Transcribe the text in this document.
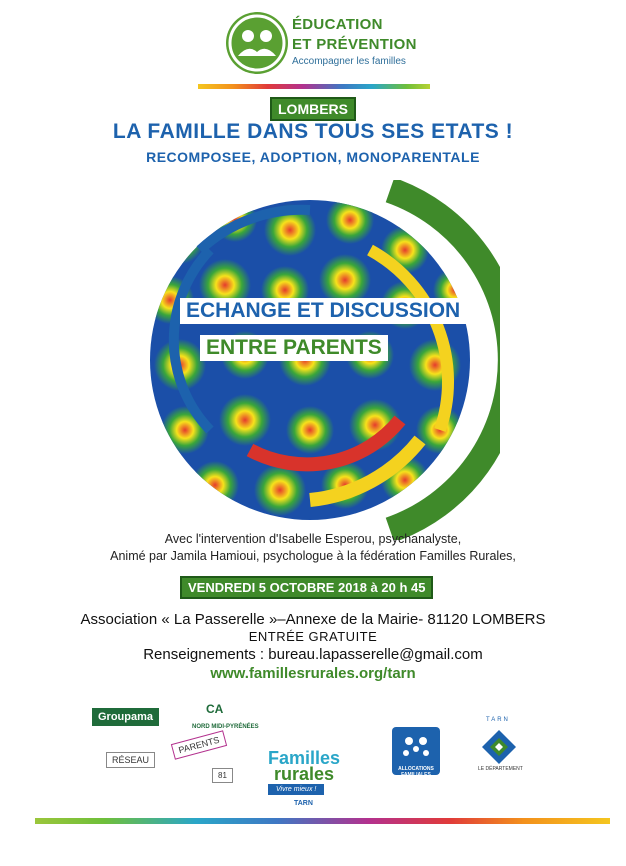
ÉDUCATION
ET PRÉVENTION
Accompagner les familles
LOMBERS
LA FAMILLE DANS TOUS SES ETATS !
RECOMPOSEE, ADOPTION, MONOPARENTALE
ECHANGE ET DISCUSSION
ENTRE PARENTS
Avec l'intervention d'Isabelle Esperou, psychanalyste,
Animé par Jamila Hamioui, psychologue à la fédération Familles Rurales,
VENDREDI 5 OCTOBRE 2018 à 20 h 45
Association « La Passerelle »–Annexe de la Mairie- 81120 LOMBERS
ENTRÉE GRATUITE
Renseignements : bureau.lapasserelle@gmail.com
www.famillesrurales.org/tarn
Groupama
CA
NORD MIDI-PYRÉNÉES
RÉSEAU
PARENTS
81
Familles
rurales
Vivre mieux !
TARN
ALLOCATIONS FAMILIALES
TARN
LE DÉPARTEMENT
